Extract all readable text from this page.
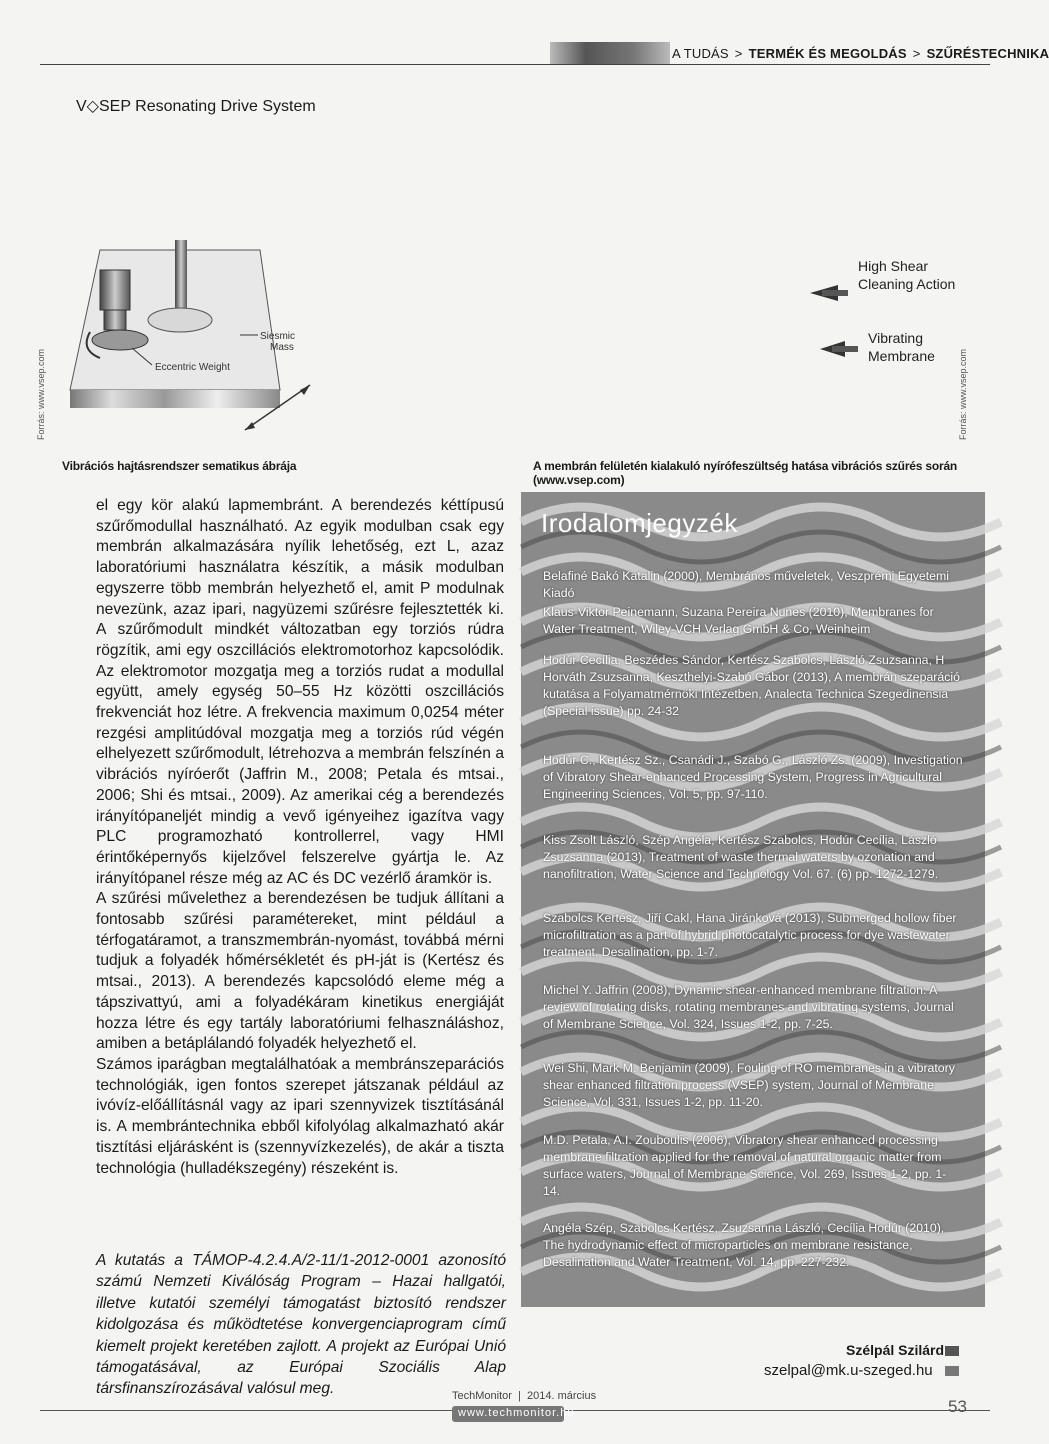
A TUDÁS > TERMÉK ÉS MEGOLDÁS > SZŰRÉSTECHNIKA
V◇SEP Resonating Drive System
Siesmic
Mass
Eccentric Weight
Forrás: www.vsep.com
Vibrációs hajtásrendszer sematikus ábrája
High Shear
Cleaning Action
Vibrating
Membrane	Forrás: www.vsep.com
A membrán felületén kialakuló nyírófeszültség hatása vibrációs szűrés során (www.vsep.com)

el egy kör alakú lapmembránt. A berendezés kéttípusú szűrőmodullal használható. Az egyik modulban csak egy membrán alkalmazására nyílik lehetőség, ezt L, azaz laboratóriumi használatra készítik, a másik modulban egyszerre több membrán helyezhető el, amit P modulnak nevezünk, azaz ipari, nagyüzemi szűrésre fejlesztették ki. A szűrőmodult mindkét változatban egy torziós rúdra rögzítik, ami egy oszcillációs elektromotorhoz kapcsolódik. Az elektromotor mozgatja meg a torziós rudat a modullal együtt, amely egység 50–55 Hz közötti oszcillációs frekvenciát hoz létre. A frekvencia maximum 0,0254 méter rezgési amplitúdóval mozgatja meg a torziós rúd végén elhelyezett szűrőmodult, létrehozva a membrán felszínén a vibrációs nyíróerőt (Jaffrin M., 2008; Petala és mtsai., 2006; Shi és mtsai., 2009). Az amerikai cég a berendezés irányítópaneljét mindig a vevő igényeihez igazítva vagy PLC programozható kontrollerrel, vagy HMI érintőképernyős kijelzővel felszerelve gyártja le. Az irányítópanel része még az AC és DC vezérlő áramkör is.

A szűrési művelethez a berendezésen be tudjuk állítani a fontosabb szűrési paramétereket, mint például a térfogatáramot, a transzmembrán-nyomást, továbbá mérni tudjuk a folyadék hőmérsékletét és pH-ját is (Kertész és mtsai., 2013). A berendezés kapcsolódó eleme még a tápszivattyú, ami a folyadékáram kinetikus energiáját hozza létre és egy tartály laboratóriumi felhasználáshoz, amiben a betáplálandó folyadék helyezhető el.

Számos iparágban megtalálhatóak a membránszeparációs technológiák, igen fontos szerepet játszanak például az ivóvíz-előállításnál vagy az ipari szennyvizek tisztításánál is. A membrántechnika ebből kifolyólag alkalmazható akár tisztítási eljárásként is (szennyvízkezelés), de akár a tiszta technológia (hulladékszegény) részeként is.

A kutatás a TÁMOP-4.2.4.A/2-11/1-2012-0001 azonosító számú Nemzeti Kiválóság Program – Hazai hallgatói, illetve kutatói személyi támogatást biztosító rendszer kidolgozása és működtetése konvergenciaprogram című kiemelt projekt keretében zajlott. A projekt az Európai Unió támogatásával, az Európai Szociális Alap társfinanszírozásával valósul meg.
Irodalomjegyzék
Belafiné Bakó Katalin (2000), Membrános műveletek, Veszprémi Egyetemi Kiadó
Klaus-Viktor Peinemann, Suzana Pereira Nunes (2010), Membranes for Water Treatment, Wiley-VCH Verlag GmbH & Co, Weinheim
Hodúr Cecília, Beszédes Sándor, Kertész Szabolcs, László Zsuzsanna, H Horváth Zsuzsanna, Keszthelyi-Szabó Gábor (2013), A membrán szeparáció kutatása a Folyamatmérnöki Intézetben, Analecta Technica Szegedinensia (Special issue) pp. 24-32
Hodúr C., Kertész Sz., Csanádi J., Szabó G., László Zs. (2009), Investigation of Vibratory Shear-enhanced Processing System, Progress in Agricultural Engineering Sciences, Vol. 5, pp. 97-110.
Kiss Zsolt László, Szép Angéla, Kertész Szabolcs, Hodúr Cecília, László Zsuzsanna (2013), Treatment of waste thermal waters by ozonation and nanofiltration, Water Science and Technology Vol. 67. (6) pp. 1272-1279.
Szabolcs Kertész, Jiří Cakl, Hana Jiránková (2013), Submerged hollow fiber microfiltration as a part of hybrid photocatalytic process for dye wastewater treatment, Desalination, pp. 1-7.
Michel Y. Jaffrin (2008), Dynamic shear-enhanced membrane filtration: A review of rotating disks, rotating membranes and vibrating systems, Journal of Membrane Science, Vol. 324, Issues 1-2, pp. 7-25.
Wei Shi, Mark M. Benjamin (2009), Fouling of RO membranes in a vibratory shear enhanced filtration process (VSEP) system, Journal of Membrane Science, Vol. 331, Issues 1-2, pp. 11-20.
M.D. Petala, A.I. Zouboulis (2006), Vibratory shear enhanced processing membrane filtration applied for the removal of natural organic matter from surface waters, Journal of Membrane Science, Vol. 269, Issues 1-2, pp. 1-14.
Angéla Szép, Szabolcs Kertész, Zsuzsanna László, Cecília Hodúr (2010), The hydrodynamic effect of microparticles on membrane resistance, Desalination and Water Treatment, Vol. 14, pp. 227-232.
Szélpál Szilárd
szelpal@mk.u-szeged.hu
TechMonitor  |  2014. március
www.techmonitor.hu	53
